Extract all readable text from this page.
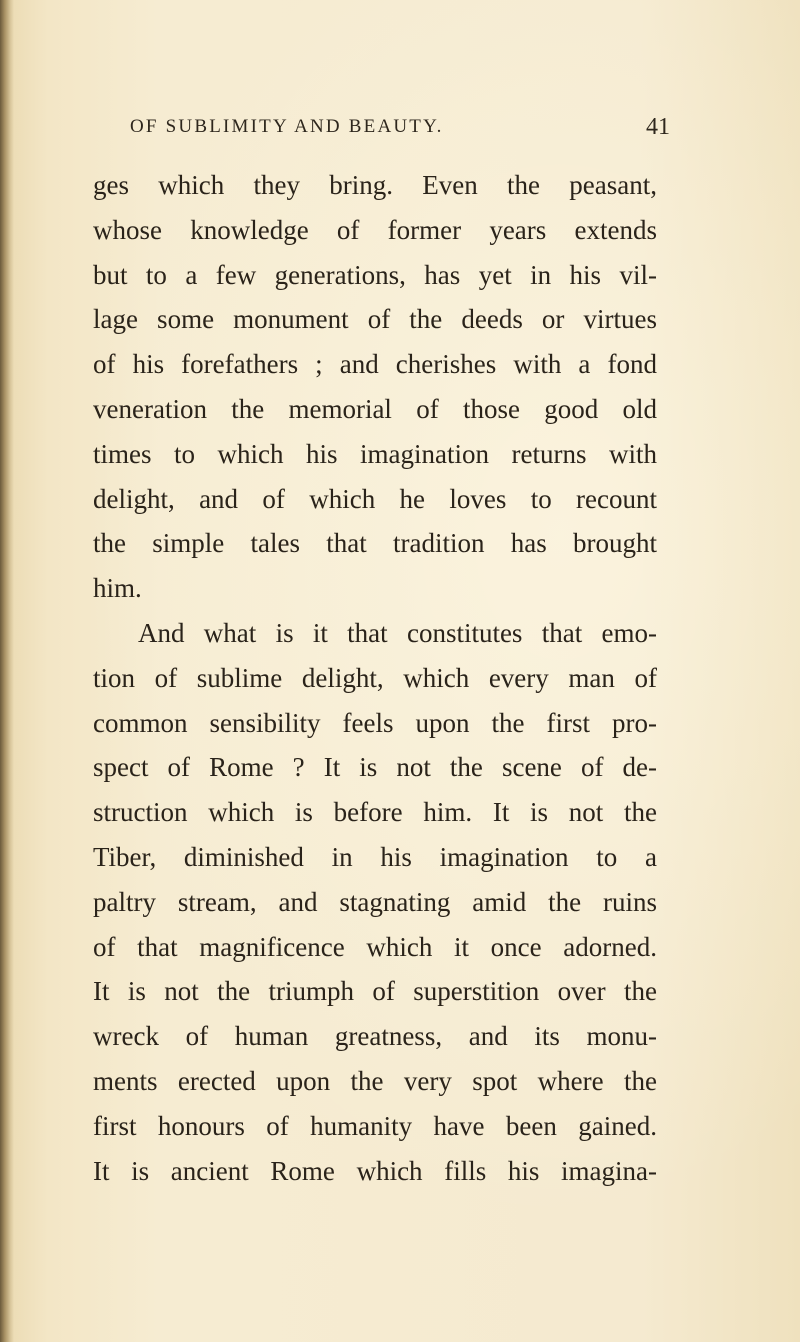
OF SUBLIMITY AND BEAUTY.	41
ges which they bring. Even the peasant,
whose knowledge of former years extends
but to a few generations, has yet in his vil-
lage some monument of the deeds or virtues
of his forefathers ; and cherishes with a fond
veneration the memorial of those good old
times to which his imagination returns with
delight, and of which he loves to recount
the simple tales that tradition has brought
him.
And what is it that constitutes that emo-
tion of sublime delight, which every man of
common sensibility feels upon the first pro-
spect of Rome ? It is not the scene of de-
struction which is before him. It is not the
Tiber, diminished in his imagination to a
paltry stream, and stagnating amid the ruins
of that magnificence which it once adorned.
It is not the triumph of superstition over the
wreck of human greatness, and its monu-
ments erected upon the very spot where the
first honours of humanity have been gained.
It is ancient Rome which fills his imagina-
